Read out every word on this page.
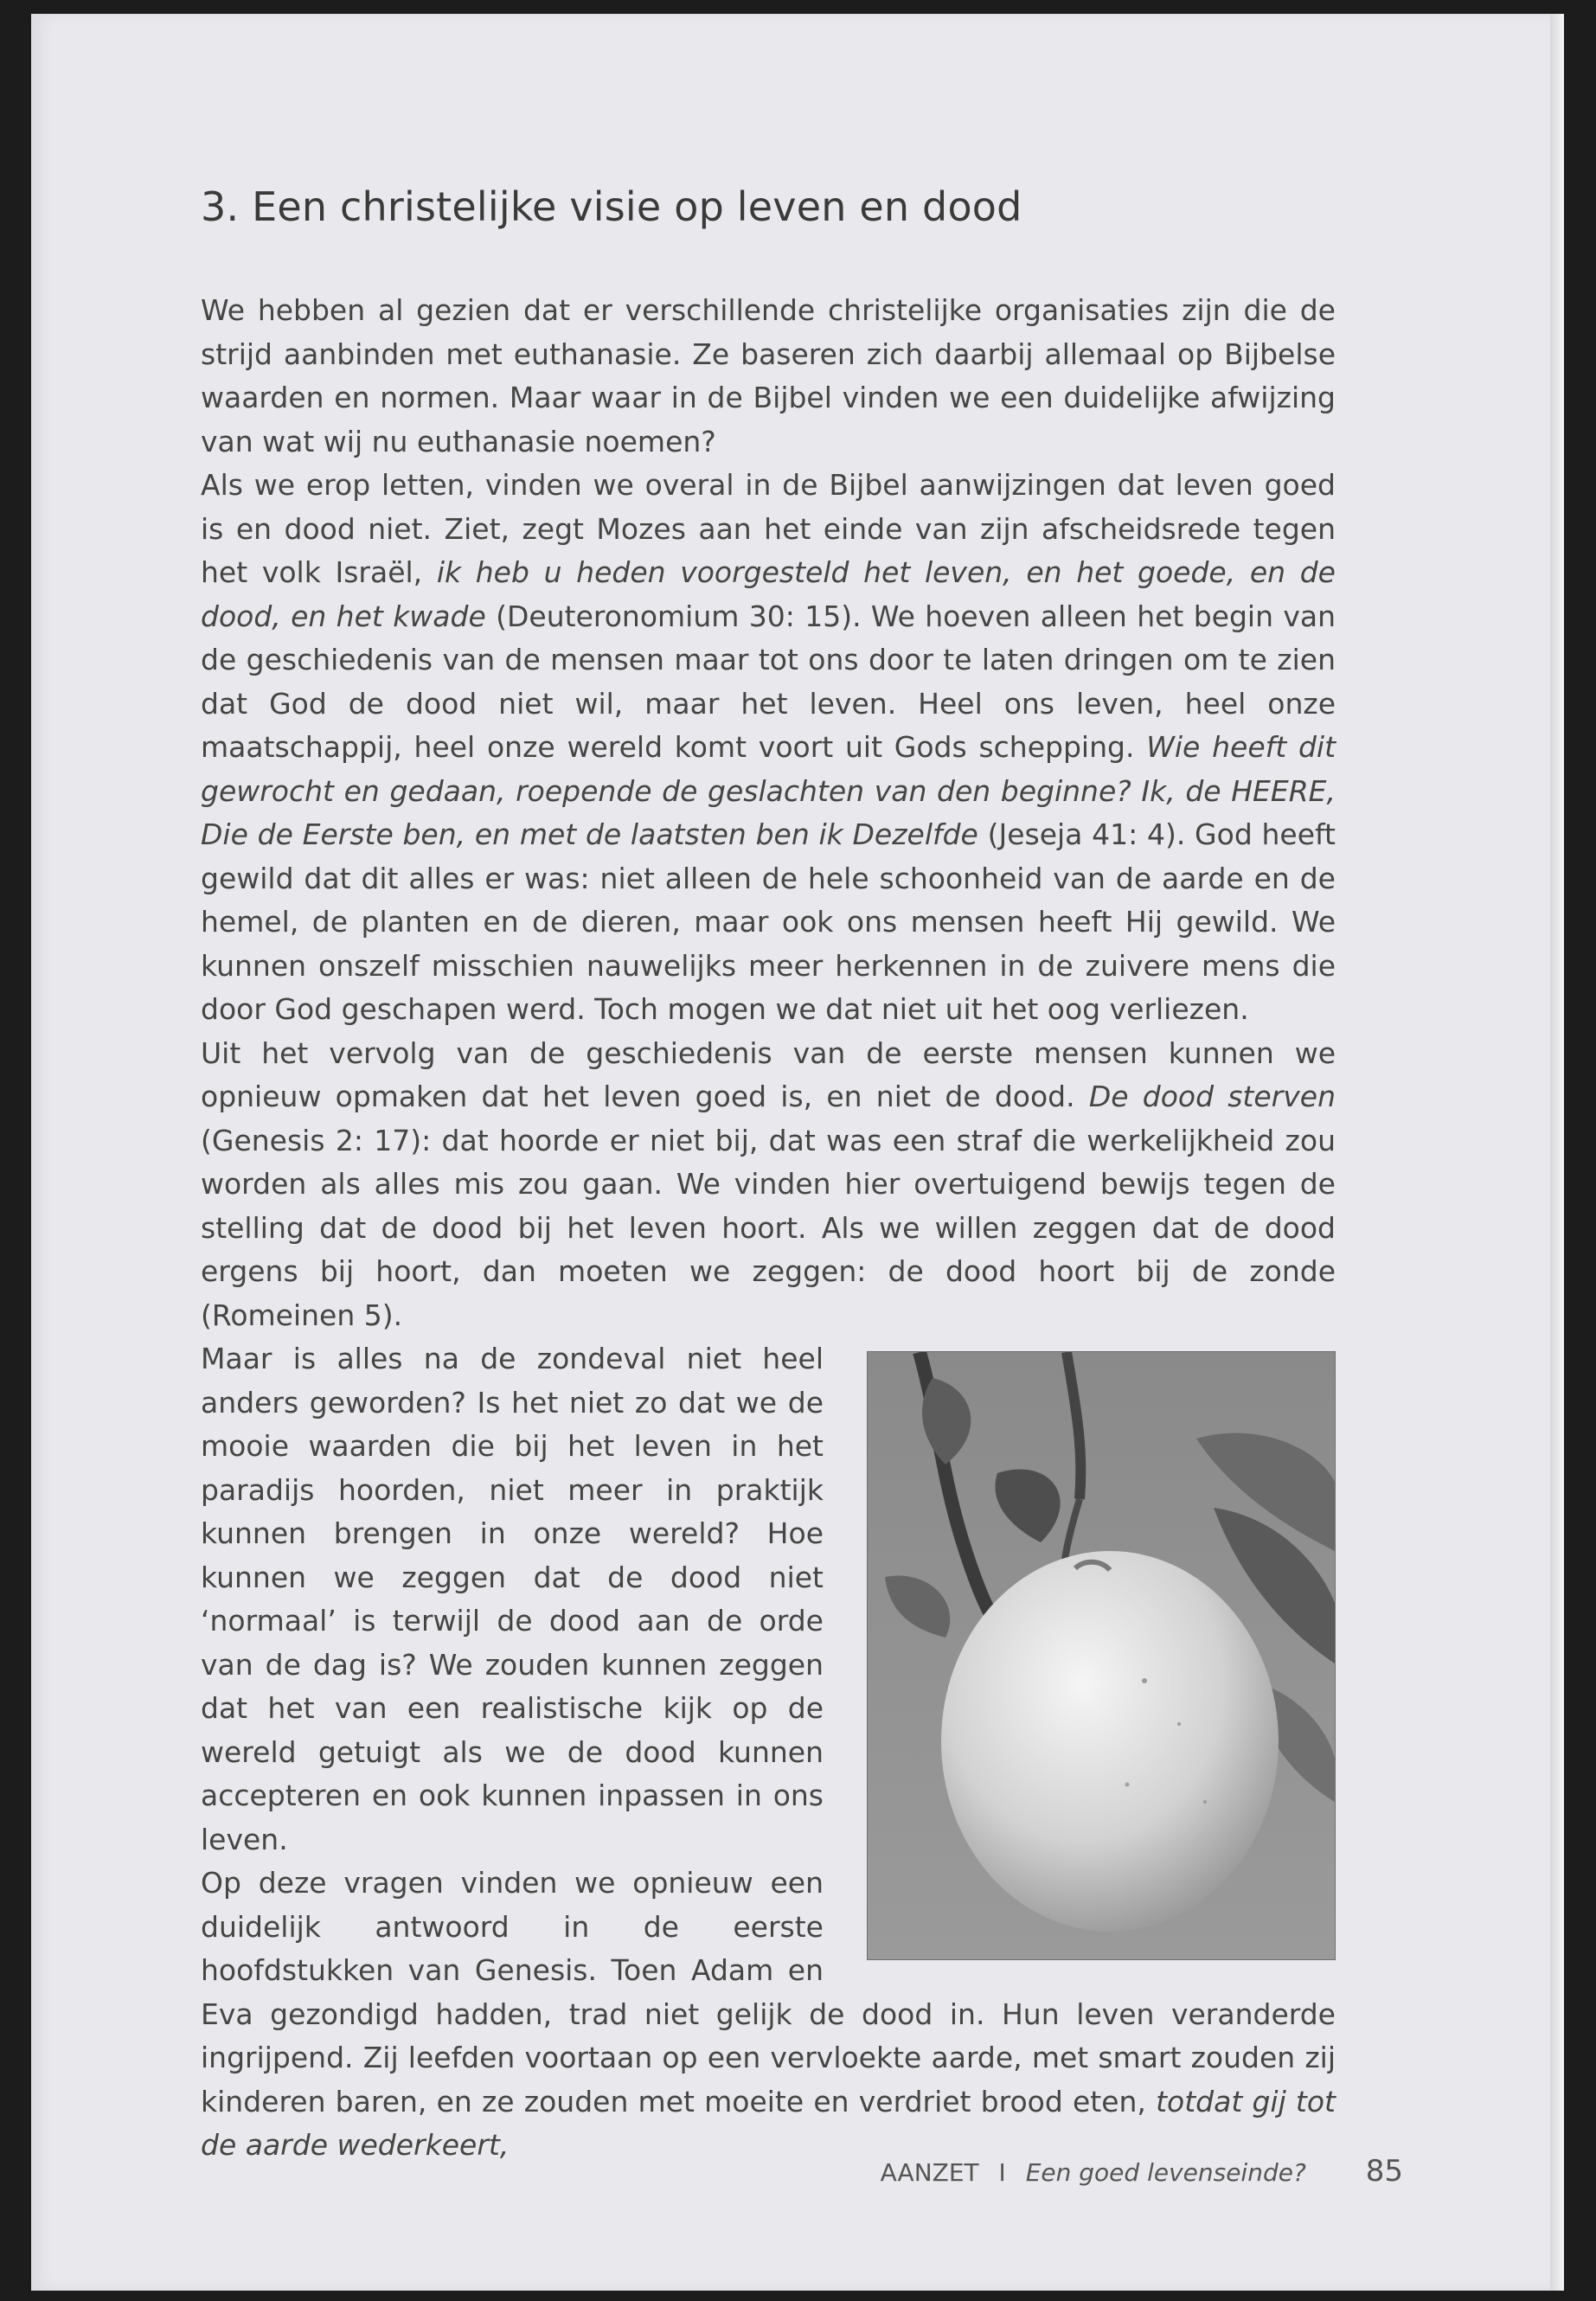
3. Een christelijke visie op leven en dood

We hebben al gezien dat er verschillende christelijke organisaties zijn die de strijd aanbinden met euthanasie. Ze baseren zich daarbij allemaal op Bijbelse waarden en normen. Maar waar in de Bijbel vinden we een duidelijke afwijzing van wat wij nu euthanasie noemen?

Als we erop letten, vinden we overal in de Bijbel aanwijzingen dat leven goed is en dood niet. Ziet, zegt Mozes aan het einde van zijn afscheidsrede tegen het volk Israël, ik heb u heden voorgesteld het leven, en het goede, en de dood, en het kwade (Deuteronomium 30: 15). We hoeven alleen het begin van de geschiedenis van de mensen maar tot ons door te laten dringen om te zien dat God de dood niet wil, maar het leven. Heel ons leven, heel onze maatschappij, heel onze wereld komt voort uit Gods schepping. Wie heeft dit gewrocht en gedaan, roepende de geslachten van den beginne? Ik, de HEERE, Die de Eerste ben, en met de laatsten ben ik Dezelfde (Jeseja 41: 4). God heeft gewild dat dit alles er was: niet alleen de hele schoonheid van de aarde en de hemel, de planten en de dieren, maar ook ons mensen heeft Hij gewild. We kunnen onszelf misschien nauwelijks meer herkennen in de zuivere mens die door God geschapen werd. Toch mogen we dat niet uit het oog verliezen.

Uit het vervolg van de geschiedenis van de eerste mensen kunnen we opnieuw opmaken dat het leven goed is, en niet de dood. De dood sterven (Genesis 2: 17): dat hoorde er niet bij, dat was een straf die werkelijkheid zou worden als alles mis zou gaan. We vinden hier overtuigend bewijs tegen de stelling dat de dood bij het leven hoort. Als we willen zeggen dat de dood ergens bij hoort, dan moeten we zeggen: de dood hoort bij de zonde (Romeinen 5).

Maar is alles na de zondeval niet heel anders geworden? Is het niet zo dat we de mooie waarden die bij het leven in het paradijs hoorden, niet meer in praktijk kunnen brengen in onze wereld? Hoe kunnen we zeggen dat de dood niet ‘normaal’ is terwijl de dood aan de orde van de dag is? We zouden kunnen zeggen dat het van een realistische kijk op de wereld getuigt als we de dood kunnen accepteren en ook kunnen inpassen in ons leven.

Op deze vragen vinden we opnieuw een duidelijk antwoord in de eerste hoofdstukken van Genesis. Toen Adam en Eva gezondigd hadden, trad niet gelijk de dood in. Hun leven veranderde ingrijpend. Zij leefden voortaan op een vervloekte aarde, met smart zouden zij kinderen baren, en ze zouden met moeite en verdriet brood eten, totdat gij tot de aarde wederkeert,

AANZET I Een goed levenseinde? 85
